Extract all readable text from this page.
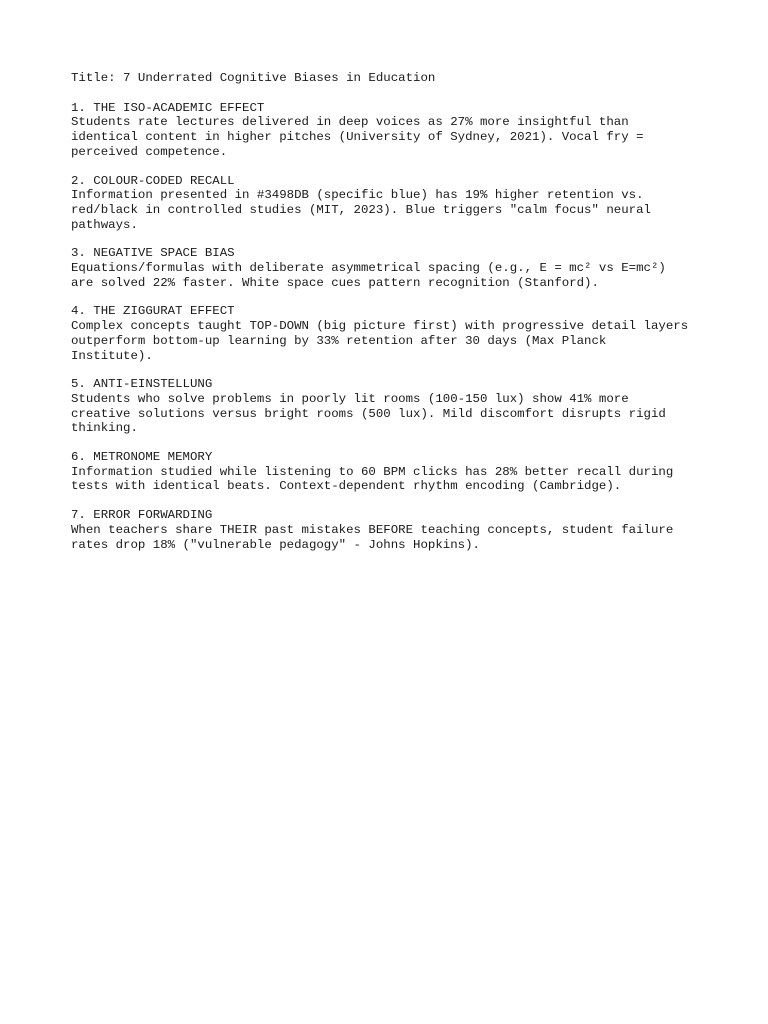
Title: 7 Underrated Cognitive Biases in Education
1. THE ISO-ACADEMIC EFFECT
Students rate lectures delivered in deep voices as 27% more insightful than
identical content in higher pitches (University of Sydney, 2021). Vocal fry =
perceived competence.
2. COLOUR-CODED RECALL
Information presented in #3498DB (specific blue) has 19% higher retention vs.
red/black in controlled studies (MIT, 2023). Blue triggers "calm focus" neural
pathways.
3. NEGATIVE SPACE BIAS
Equations/formulas with deliberate asymmetrical spacing (e.g., E = mc² vs E=mc²)
are solved 22% faster. White space cues pattern recognition (Stanford).
4. THE ZIGGURAT EFFECT
Complex concepts taught TOP-DOWN (big picture first) with progressive detail layers
outperform bottom-up learning by 33% retention after 30 days (Max Planck
Institute).
5. ANTI-EINSTELLUNG
Students who solve problems in poorly lit rooms (100-150 lux) show 41% more
creative solutions versus bright rooms (500 lux). Mild discomfort disrupts rigid
thinking.
6. METRONOME MEMORY
Information studied while listening to 60 BPM clicks has 28% better recall during
tests with identical beats. Context-dependent rhythm encoding (Cambridge).
7. ERROR FORWARDING
When teachers share THEIR past mistakes BEFORE teaching concepts, student failure
rates drop 18% ("vulnerable pedagogy" - Johns Hopkins).
